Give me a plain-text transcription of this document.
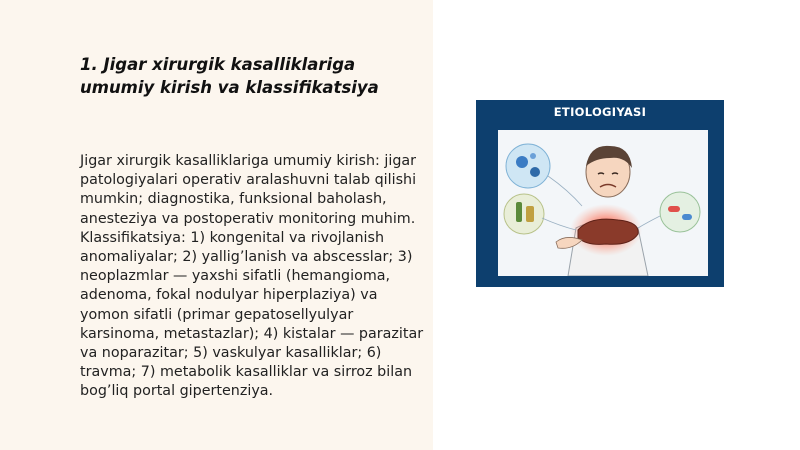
1. Jigar xirurgik kasalliklariga umumiy kirish va klassifikatsiya
Jigar xirurgik kasalliklariga umumiy kirish: jigar patologiyalari operativ aralashuvni talab qilishi mumkin; diagnostika, funksional baholash, anesteziya va postoperativ monitoring muhim. Klassifikatsiya: 1) kongenital va rivojlanish anomaliyalar; 2) yallig’lanish va abscesslar; 3) neoplazmlar — yaxshi sifatli (hemangioma, adenoma, fokal nodulyar hiperplaziya) va yomon sifatli (primar gepatosellyulyar karsinoma, metastazlar); 4) kistalar — parazitar va noparazitar; 5) vaskulyar kasalliklar; 6) travma; 7) metabolik kasalliklar va sirroz bilan bog’liq portal gipertenziya.
ETIOLOGIYASI
